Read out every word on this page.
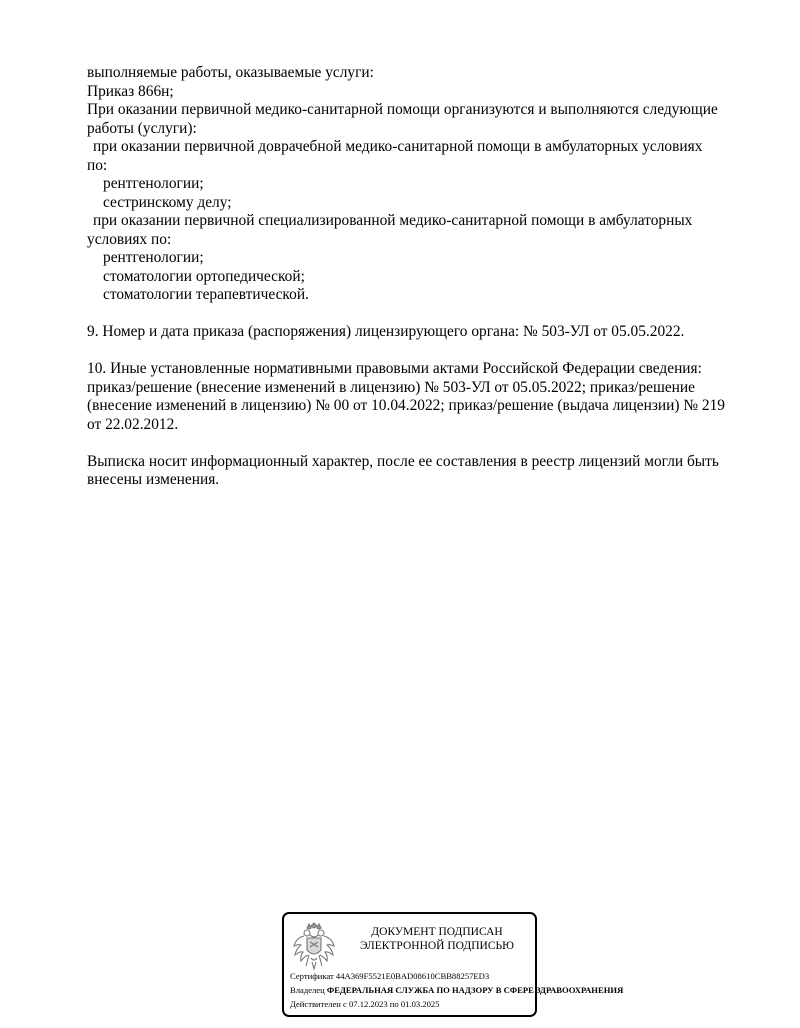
выполняемые работы, оказываемые услуги:
Приказ 866н;
При оказании первичной медико-санитарной помощи организуются и выполняются следующие
работы (услуги):
при оказании первичной доврачебной медико-санитарной помощи в амбулаторных условиях
по:
рентгенологии;
сестринскому делу;
при оказании первичной специализированной медико-санитарной помощи в амбулаторных
условиях по:
рентгенологии;
стоматологии ортопедической;
стоматологии терапевтической.
9. Номер и дата приказа (распоряжения) лицензирующего органа: № 503-УЛ от 05.05.2022.
10. Иные установленные нормативными правовыми актами Российской Федерации сведения:
приказ/решение (внесение изменений в лицензию) № 503-УЛ от 05.05.2022; приказ/решение
(внесение изменений в лицензию) № 00 от 10.04.2022; приказ/решение (выдача лицензии) № 219
от 22.02.2012.
Выписка носит информационный характер, после ее составления в реестр лицензий могли быть
внесены изменения.
ДОКУМЕНТ ПОДПИСАН
ЭЛЕКТРОННОЙ ПОДПИСЬЮ
Сертификат 44A369F5521E0BAD08610CBB88257ED3
Владелец ФЕДЕРАЛЬНАЯ СЛУЖБА ПО НАДЗОРУ В СФЕРЕ ЗДРАВООХРАНЕНИЯ
Действителен с 07.12.2023 по 01.03.2025
